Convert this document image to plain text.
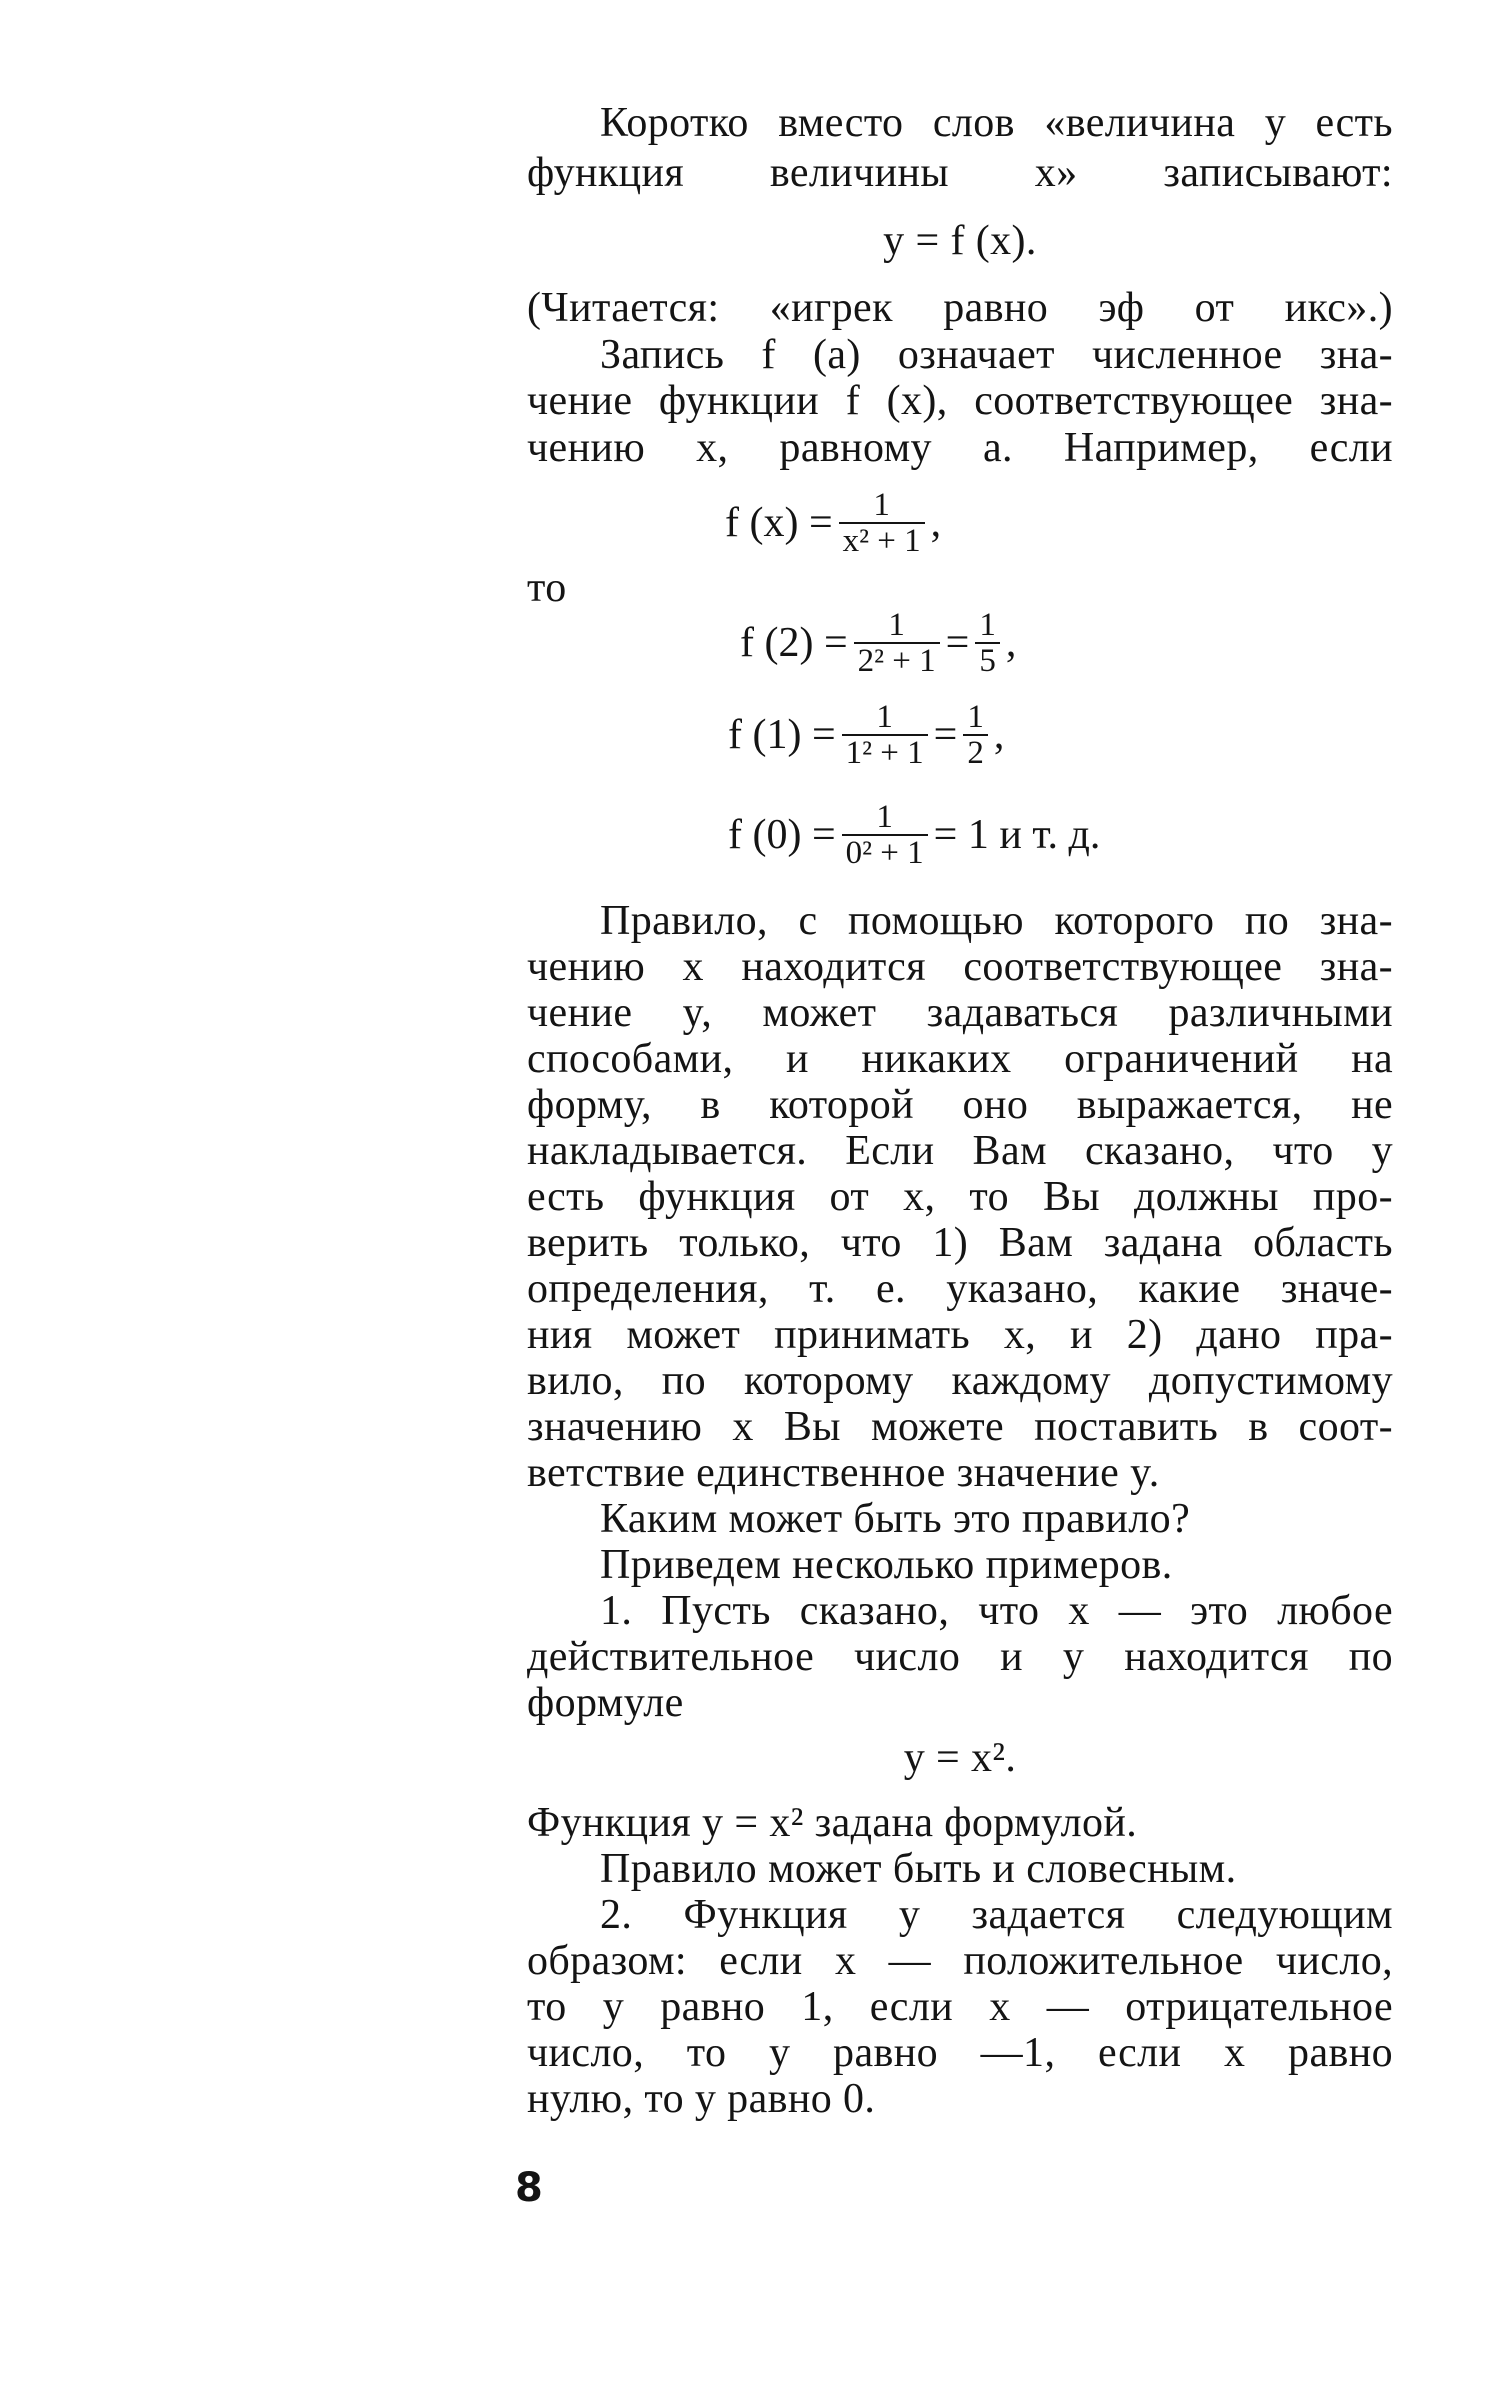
Коротко вместо слов «величина y есть
функция величины x» записывают:
y = f (x).
(Читается: «игрек равно эф от икс».)
Запись f (a) означает численное зна-
чение функции f (x), соответствующее зна-
чению x, равному a. Например, если
f $(x) = \frac{1}{\text{x² + 1}}$ ,
то
f $(2) = \frac{1}{\text{2² + 1}} = \frac{1}{5}$ ,
f $(1) = \frac{1}{\text{1² + 1}} = \frac{1}{2}$ ,
f $(0) = \frac{1}{\text{0² + 1}} = 1$ и т. д.
Правило, с помощью которого по зна-
чению x находится соответствующее зна-
чение y, может задаваться различными
способами, и никаких ограничений на
форму, в которой оно выражается, не
накладывается. Если Вам сказано, что y
есть функция от x, то Вы должны про-
верить только, что 1) Вам задана область
определения, т. е. указано, какие значе-
ния может принимать x, и 2) дано пра-
вило, по которому каждому допустимому
значению x Вы можете поставить в соот-
ветствие единственное значение y.
Каким может быть это правило?
Приведем несколько примеров.
1. Пусть сказано, что x — это любое
действительное число и y находится по
формуле
y = x².
Функция y = x² задана формулой.
Правило может быть и словесным.
2. Функция y задается следующим
образом: если x — положительное число,
то y равно 1, если x — отрицательное
число, то y равно —1, если x равно
нулю, то y равно 0.
8
